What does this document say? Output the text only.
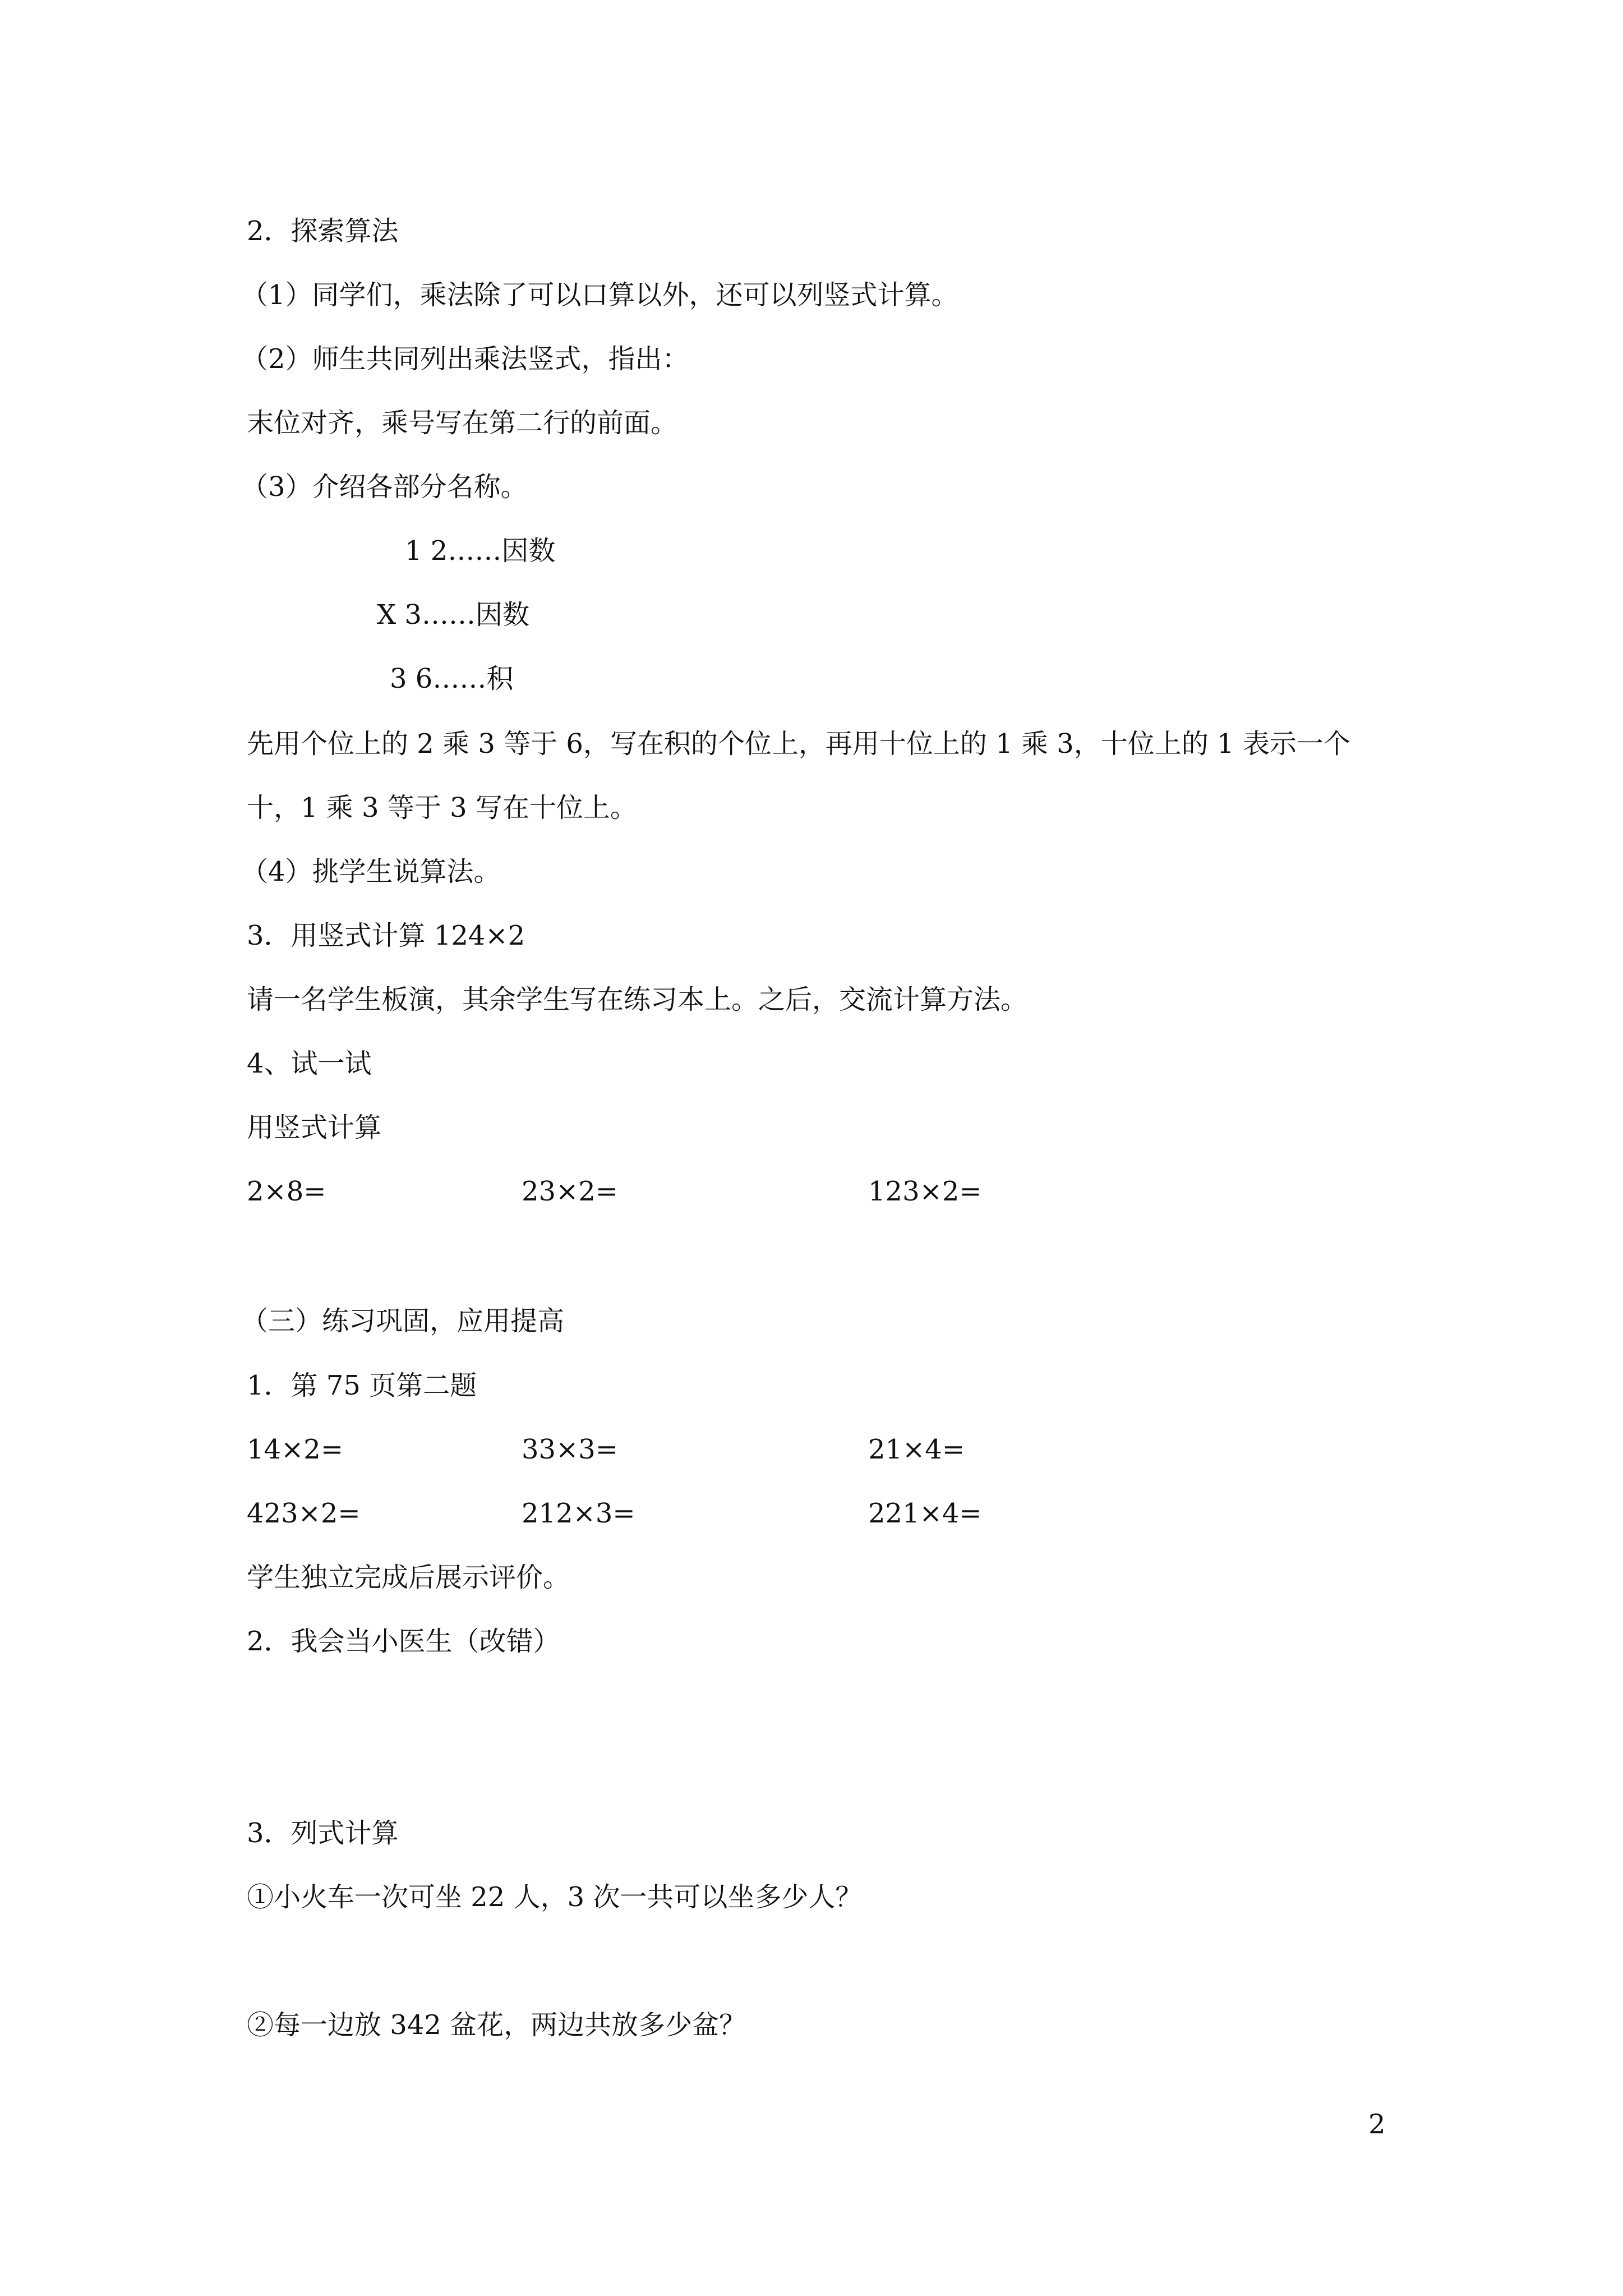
2．探索算法
（1）同学们，乘法除了可以口算以外，还可以列竖式计算。
（2）师生共同列出乘法竖式，指出：
末位对齐，乘号写在第二行的前面。
（3）介绍各部分名称。
1 2……因数
X 3……因数
3 6……积
先用个位上的 2 乘 3 等于 6，写在积的个位上，再用十位上的 1 乘 3，十位上的 1 表示一个
十，1 乘 3 等于 3 写在十位上。
（4）挑学生说算法。
3．用竖式计算 124×2
请一名学生板演，其余学生写在练习本上。之后，交流计算方法。
4、试一试
用竖式计算
2×8=	23×2=	123×2=
（三）练习巩固，应用提高
1．第 75 页第二题
14×2=	33×3=	21×4=
423×2=	212×3=	221×4=
学生独立完成后展示评价。
2．我会当小医生（改错）
3．列式计算
①小火车一次可坐 22 人，3 次一共可以坐多少人？
②每一边放 342 盆花，两边共放多少盆？
2
